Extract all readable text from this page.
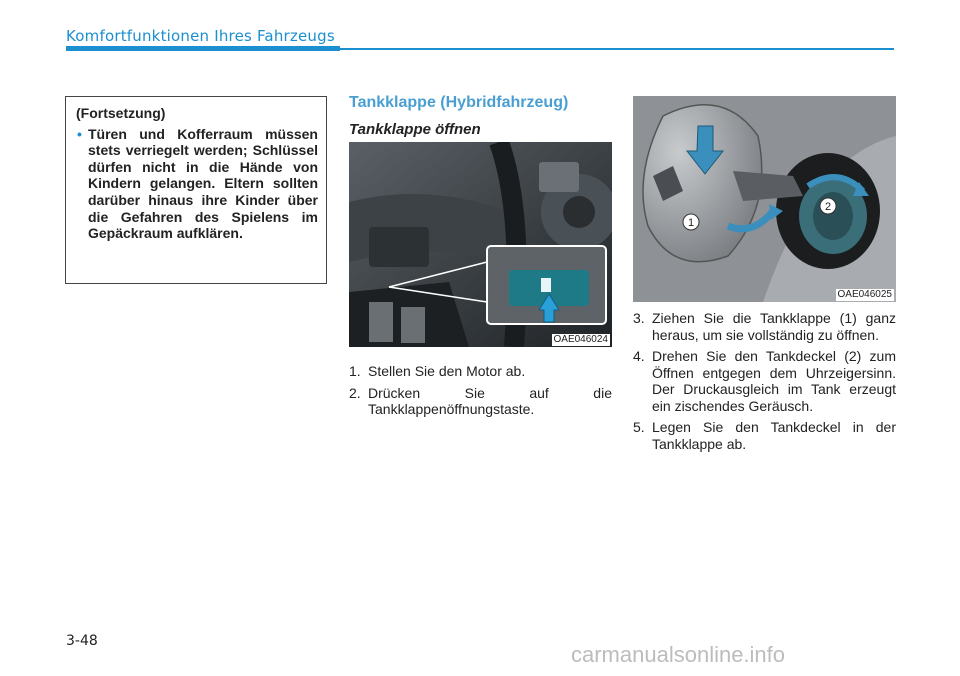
Komfortfunktionen Ihres Fahrzeugs
(Fortsetzung)
• Türen und Kofferraum müssen stets verriegelt werden; Schlüssel dürfen nicht in die Hände von Kindern gelangen. Eltern sollten darüber hinaus ihre Kinder über die Gefahren des Spielens im Gepäckraum aufklären.
Tankklappe (Hybridfahrzeug)
Tankklappe öffnen
OAE046024
1
2
OAE046025
1. Stellen Sie den Motor ab.
2. Drücken Sie auf die Tankklappenöffnungstaste.
3. Ziehen Sie die Tankklappe (1) ganz heraus, um sie vollständig zu öffnen.
4. Drehen Sie den Tankdeckel (2) zum Öffnen entgegen dem Uhrzeigersinn. Der Druckausgleich im Tank erzeugt ein zischendes Geräusch.
5. Legen Sie den Tankdeckel in der Tankklappe ab.
3-48
carmanualsonline.info
